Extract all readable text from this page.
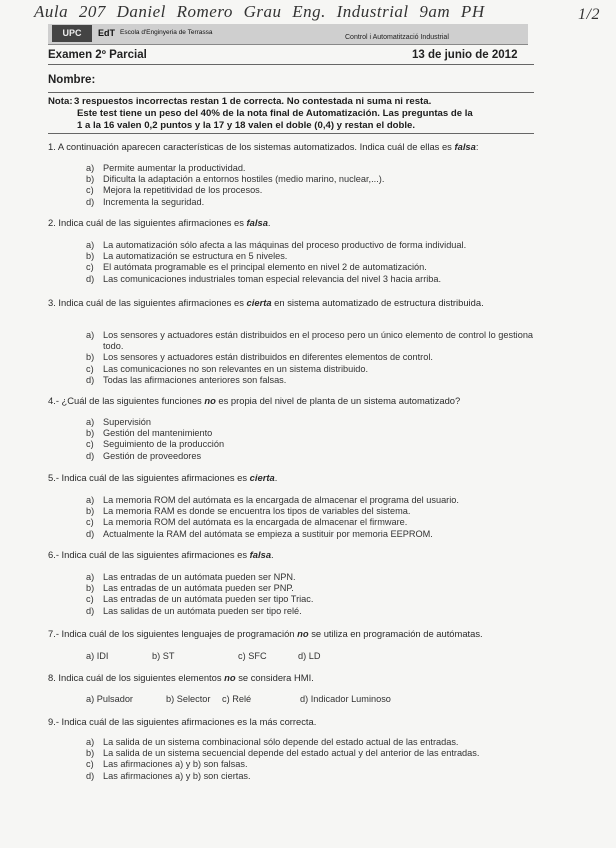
Aula 207 Daniel Romero Grau Eng. Industrial 9am PH	1/2
UPC	EdT Escola d'Enginyeria de Terrassa
Control i Automatització Industrial
Examen 2º Parcial	13 de junio de 2012
Nombre:
Nota:3 respuestos incorrectas restan 1 de correcta. No contestada ni suma ni resta.
Este test tiene un peso del 40% de la nota final de Automatización. Las preguntas de la
1 a la 16 valen 0,2 puntos y la 17 y 18 valen el doble (0,4) y restan el doble.
1. A continuación aparecen características de los sistemas automatizados. Indica cuál de ellas es falsa:
a) Permite aumentar la productividad.
b) Dificulta la adaptación a entornos hostiles (medio marino, nuclear,...).
c) Mejora la repetitividad de los procesos.
d) Incrementa la seguridad.
2. Indica cuál de las siguientes afirmaciones es falsa.
a) La automatización sólo afecta a las máquinas del proceso productivo de forma individual.
b) La automatización se estructura en 5 niveles.
c) El autómata programable es el principal elemento en nivel 2 de automatización.
d) Las comunicaciones industriales toman especial relevancia del nivel 3 hacia arriba.
3. Indica cuál de las siguientes afirmaciones es cierta en sistema automatizado de estructura distribuida.
a) Los sensores y actuadores están distribuidos en el proceso pero un único elemento de control lo gestiona todo.
b) Los sensores y actuadores están distribuidos en diferentes elementos de control.
c) Las comunicaciones no son relevantes en un sistema distribuido.
d) Todas las afirmaciones anteriores son falsas.
4.- ¿Cuál de las siguientes funciones no es propia del nivel de planta de un sistema automatizado?
a) Supervisión
b) Gestión del mantenimiento
c) Seguimiento de la producción
d) Gestión de proveedores
5.- Indica cuál de las siguientes afirmaciones es cierta.
a) La memoria ROM del autómata es la encargada de almacenar el programa del usuario.
b) La memoria RAM es donde se encuentra los tipos de variables del sistema.
c) La memoria ROM del autómata es la encargada de almacenar el firmware.
d) Actualmente la RAM del autómata se empieza a sustituir por memoria EEPROM.
6.- Indica cuál de las siguientes afirmaciones es falsa.
a) Las entradas de un autómata pueden ser NPN.
b) Las entradas de un autómata pueden ser PNP.
c) Las entradas de un autómata pueden ser tipo Triac.
d) Las salidas de un autómata pueden ser tipo relé.
7.- Indica cuál de los siguientes lenguajes de programación no se utiliza en programación de autómatas.
a) IDI	b) ST	c) SFC	d) LD
8. Indica cuál de los siguientes elementos no se considera HMI.
a) Pulsador	b) Selector c) Relé	d) Indicador Luminoso
9.- Indica cuál de las siguientes afirmaciones es la más correcta.
a) La salida de un sistema combinacional sólo depende del estado actual de las entradas.
b) La salida de un sistema secuencial depende del estado actual y del anterior de las entradas.
c) Las afirmaciones a) y b) son falsas.
d) Las afirmaciones a) y b) son ciertas.
